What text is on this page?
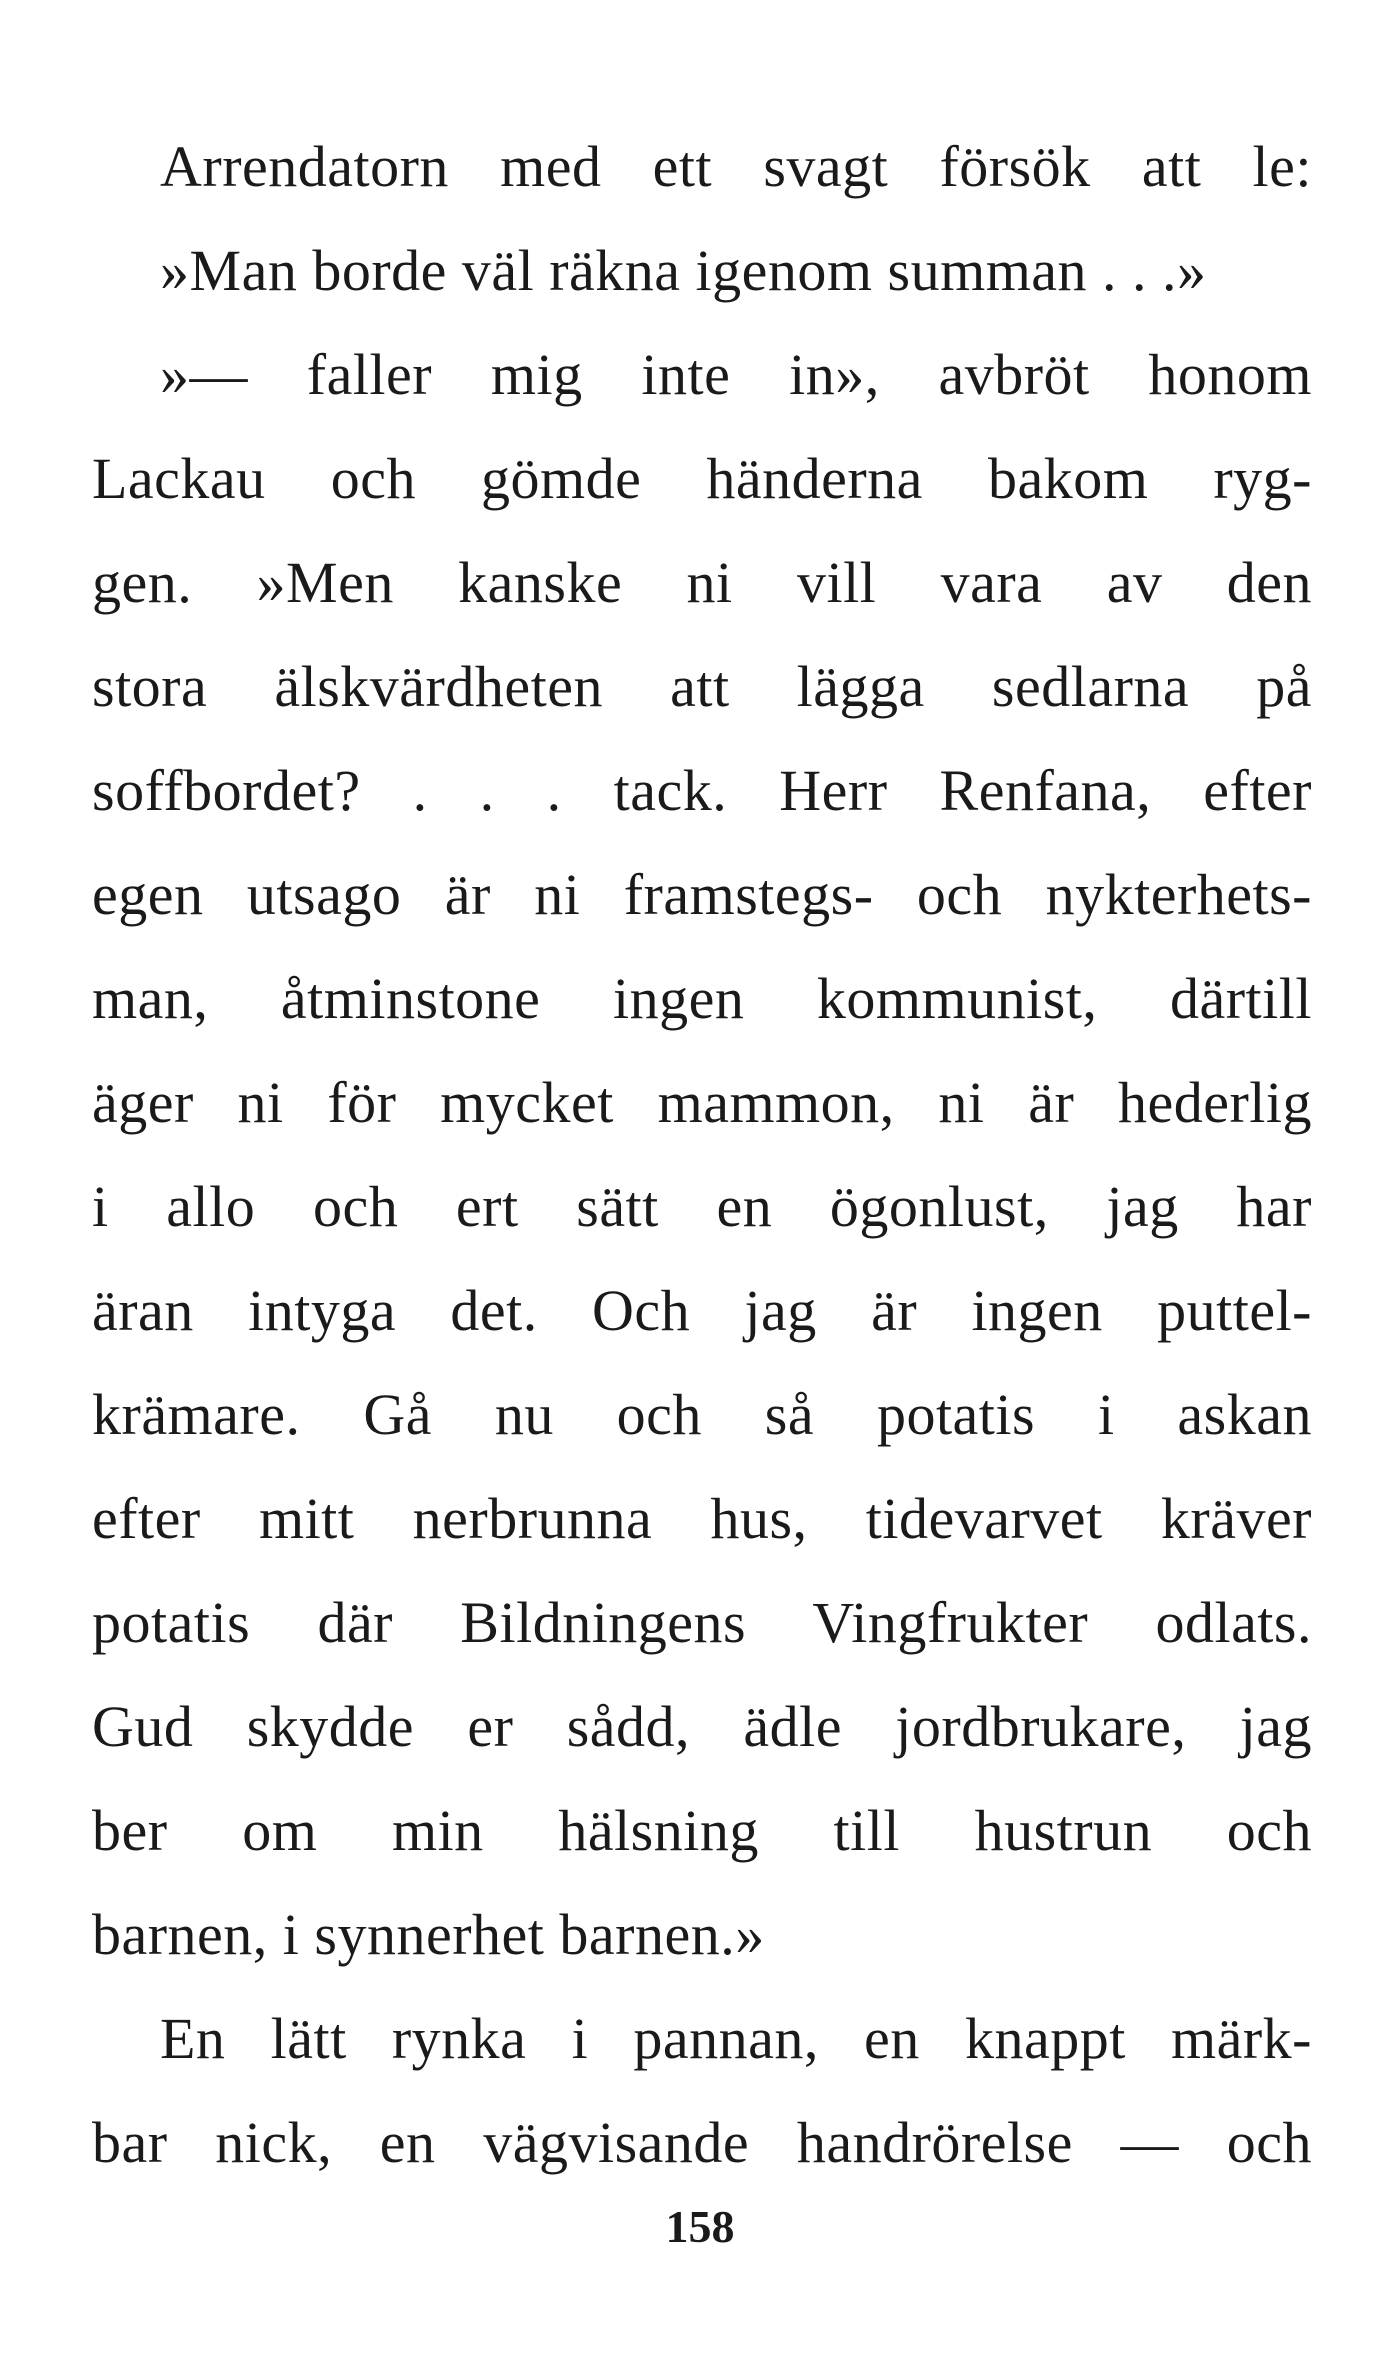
Arrendatorn med ett svagt försök att le:
»Man borde väl räkna igenom summan . . .»
»— faller mig inte in», avbröt honom
Lackau och gömde händerna bakom ryg-
gen. »Men kanske ni vill vara av den
stora älskvärdheten att lägga sedlarna på
soffbordet? . . . tack. Herr Renfana, efter
egen utsago är ni framstegs- och nykterhets-
man, åtminstone ingen kommunist, därtill
äger ni för mycket mammon, ni är hederlig
i allo och ert sätt en ögonlust, jag har
äran intyga det. Och jag är ingen puttel-
krämare. Gå nu och så potatis i askan
efter mitt nerbrunna hus, tidevarvet kräver
potatis där Bildningens Vingfrukter odlats.
Gud skydde er sådd, ädle jordbrukare, jag
ber om min hälsning till hustrun och
barnen, i synnerhet barnen.»
En lätt rynka i pannan, en knappt märk-
bar nick, en vägvisande handrörelse — och
158
